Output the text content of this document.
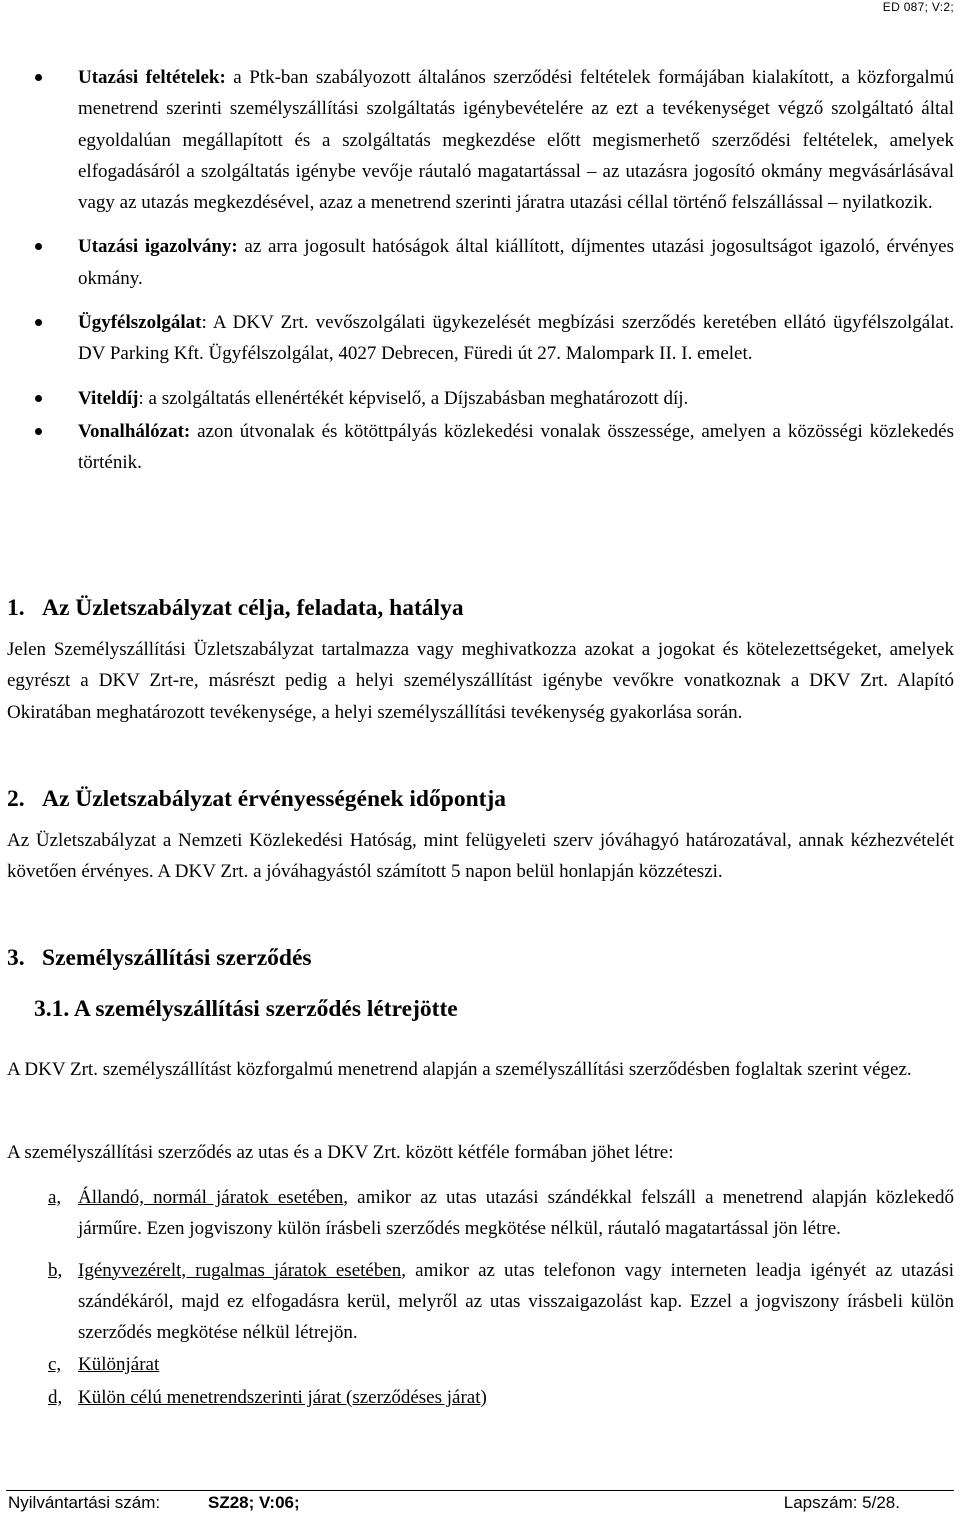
ED 087; V:2;
Utazási feltételek: a Ptk-ban szabályozott általános szerződési feltételek formájában kialakított, a közforgalmú menetrend szerinti személyszállítási szolgáltatás igénybevételére az ezt a tevékenységet végző szolgáltató által egyoldalúan megállapított és a szolgáltatás megkezdése előtt megismerhető szerződési feltételek, amelyek elfogadásáról a szolgáltatás igénybe vevője ráutaló magatartással – az utazásra jogosító okmány megvásárlásával vagy az utazás megkezdésével, azaz a menetrend szerinti járatra utazási céllal történő felszállással – nyilatkozik.
Utazási igazolvány: az arra jogosult hatóságok által kiállított, díjmentes utazási jogosultságot igazoló, érvényes okmány.
Ügyfélszolgálat: A DKV Zrt. vevőszolgálati ügykezelését megbízási szerződés keretében ellátó ügyfélszolgálat. DV Parking Kft. Ügyfélszolgálat, 4027 Debrecen, Füredi út 27. Malompark II. I. emelet.
Viteldíj: a szolgáltatás ellenértékét képviselő, a Díjszabásban meghatározott díj.
Vonalhálózat: azon útvonalak és kötöttpályás közlekedési vonalak összessége, amelyen a közösségi közlekedés történik.
1. Az Üzletszabályzat célja, feladata, hatálya

Jelen Személyszállítási Üzletszabályzat tartalmazza vagy meghivatkozza azokat a jogokat és kötelezettségeket, amelyek egyrészt a DKV Zrt-re, másrészt pedig a helyi személyszállítást igénybe vevőkre vonatkoznak a DKV Zrt. Alapító Okiratában meghatározott tevékenysége, a helyi személyszállítási tevékenység gyakorlása során.

2. Az Üzletszabályzat érvényességének időpontja

Az Üzletszabályzat a Nemzeti Közlekedési Hatóság, mint felügyeleti szerv jóváhagyó határozatával, annak kézhezvételét követően érvényes. A DKV Zrt. a jóváhagyástól számított 5 napon belül honlapján közzéteszi.

3. Személyszállítási szerződés
3.1. A személyszállítási szerződés létrejötte

A DKV Zrt. személyszállítást közforgalmú menetrend alapján a személyszállítási szerződésben foglaltak szerint végez.

A személyszállítási szerződés az utas és a DKV Zrt. között kétféle formában jöhet létre:

a, Állandó, normál járatok esetében, amikor az utas utazási szándékkal felszáll a menetrend alapján közlekedő járműre. Ezen jogviszony külön írásbeli szerződés megkötése nélkül, ráutaló magatartással jön létre.
b, Igényvezérelt, rugalmas járatok esetében, amikor az utas telefonon vagy interneten leadja igényét az utazási szándékáról, majd ez elfogadásra kerül, melyről az utas visszaigazolást kap. Ezzel a jogviszony írásbeli külön szerződés megkötése nélkül létrejön.
c, Különjárat
d, Külön célú menetrendszerinti járat (szerződéses járat)
Nyilvántartási szám:	SZ28; V:06;	Lapszám: 5/28.
